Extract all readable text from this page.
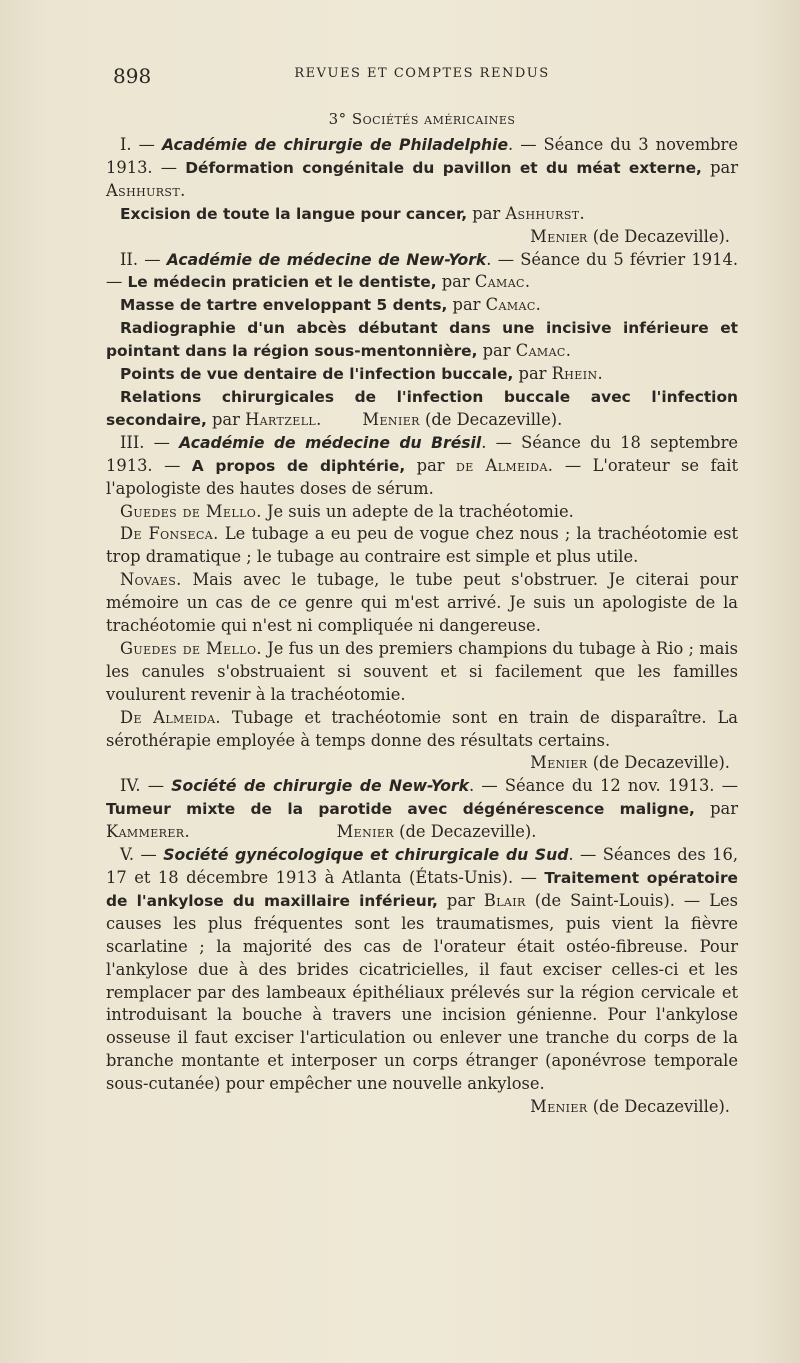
898	REVUES ET COMPTES RENDUS
3° Sociétés américaines

I. — Académie de chirurgie de Philadelphie. — Séance du 3 novembre 1913. — Déformation congénitale du pavillon et du méat externe, par Ashhurst.

Excision de toute la langue pour cancer, par Ashhurst.

Menier (de Decazeville).

II. — Académie de médecine de New-York. — Séance du 5 février 1914. — Le médecin praticien et le dentiste, par Camac.

Masse de tartre enveloppant 5 dents, par Camac.

Radiographie d'un abcès débutant dans une incisive inférieure et pointant dans la région sous-mentonnière, par Camac.

Points de vue dentaire de l'infection buccale, par Rhein.

Relations chirurgicales de l'infection buccale avec l'infection secondaire, par Hartzell.    Menier (de Decazeville).

III. — Académie de médecine du Brésil. — Séance du 18 septembre 1913. — A propos de diphtérie, par de Almeida. — L'orateur se fait l'apologiste des hautes doses de sérum.

Guedes de Mello. Je suis un adepte de la trachéotomie.

De Fonseca. Le tubage a eu peu de vogue chez nous ; la trachéotomie est trop dramatique ; le tubage au contraire est simple et plus utile.

Novaes. Mais avec le tubage, le tube peut s'obstruer. Je citerai pour mémoire un cas de ce genre qui m'est arrivé. Je suis un apologiste de la trachéotomie qui n'est ni compliquée ni dangereuse.

Guedes de Mello. Je fus un des premiers champions du tubage à Rio ; mais les canules s'obstruaient si souvent et si facilement que les familles voulurent revenir à la trachéotomie.

De Almeida. Tubage et trachéotomie sont en train de disparaître. La sérothérapie employée à temps donne des résultats certains.

Menier (de Decazeville).

IV. — Société de chirurgie de New-York. — Séance du 12 nov. 1913. — Tumeur mixte de la parotide avec dégénérescence maligne, par Kammerer.         	Menier (de Decazeville).

V. — Société gynécologique et chirurgicale du Sud. — Séances des 16, 17 et 18 décembre 1913 à Atlanta (États-Unis). — Traitement opératoire de l'ankylose du maxillaire inférieur, par Blair (de Saint-Louis). — Les causes les plus fréquentes sont les traumatismes, puis vient la fièvre scarlatine ; la majorité des cas de l'orateur était ostéo-fibreuse. Pour l'ankylose due à des brides cicatricielles, il faut exciser celles-ci et les remplacer par des lambeaux épithéliaux prélevés sur la région cervicale et introduisant la bouche à travers une incision génienne. Pour l'ankylose osseuse il faut exciser l'articulation ou enlever une tranche du corps de la branche montante et interposer un corps étranger (aponévrose temporale sous-cutanée) pour empêcher une nouvelle ankylose.

Menier (de Decazeville).
